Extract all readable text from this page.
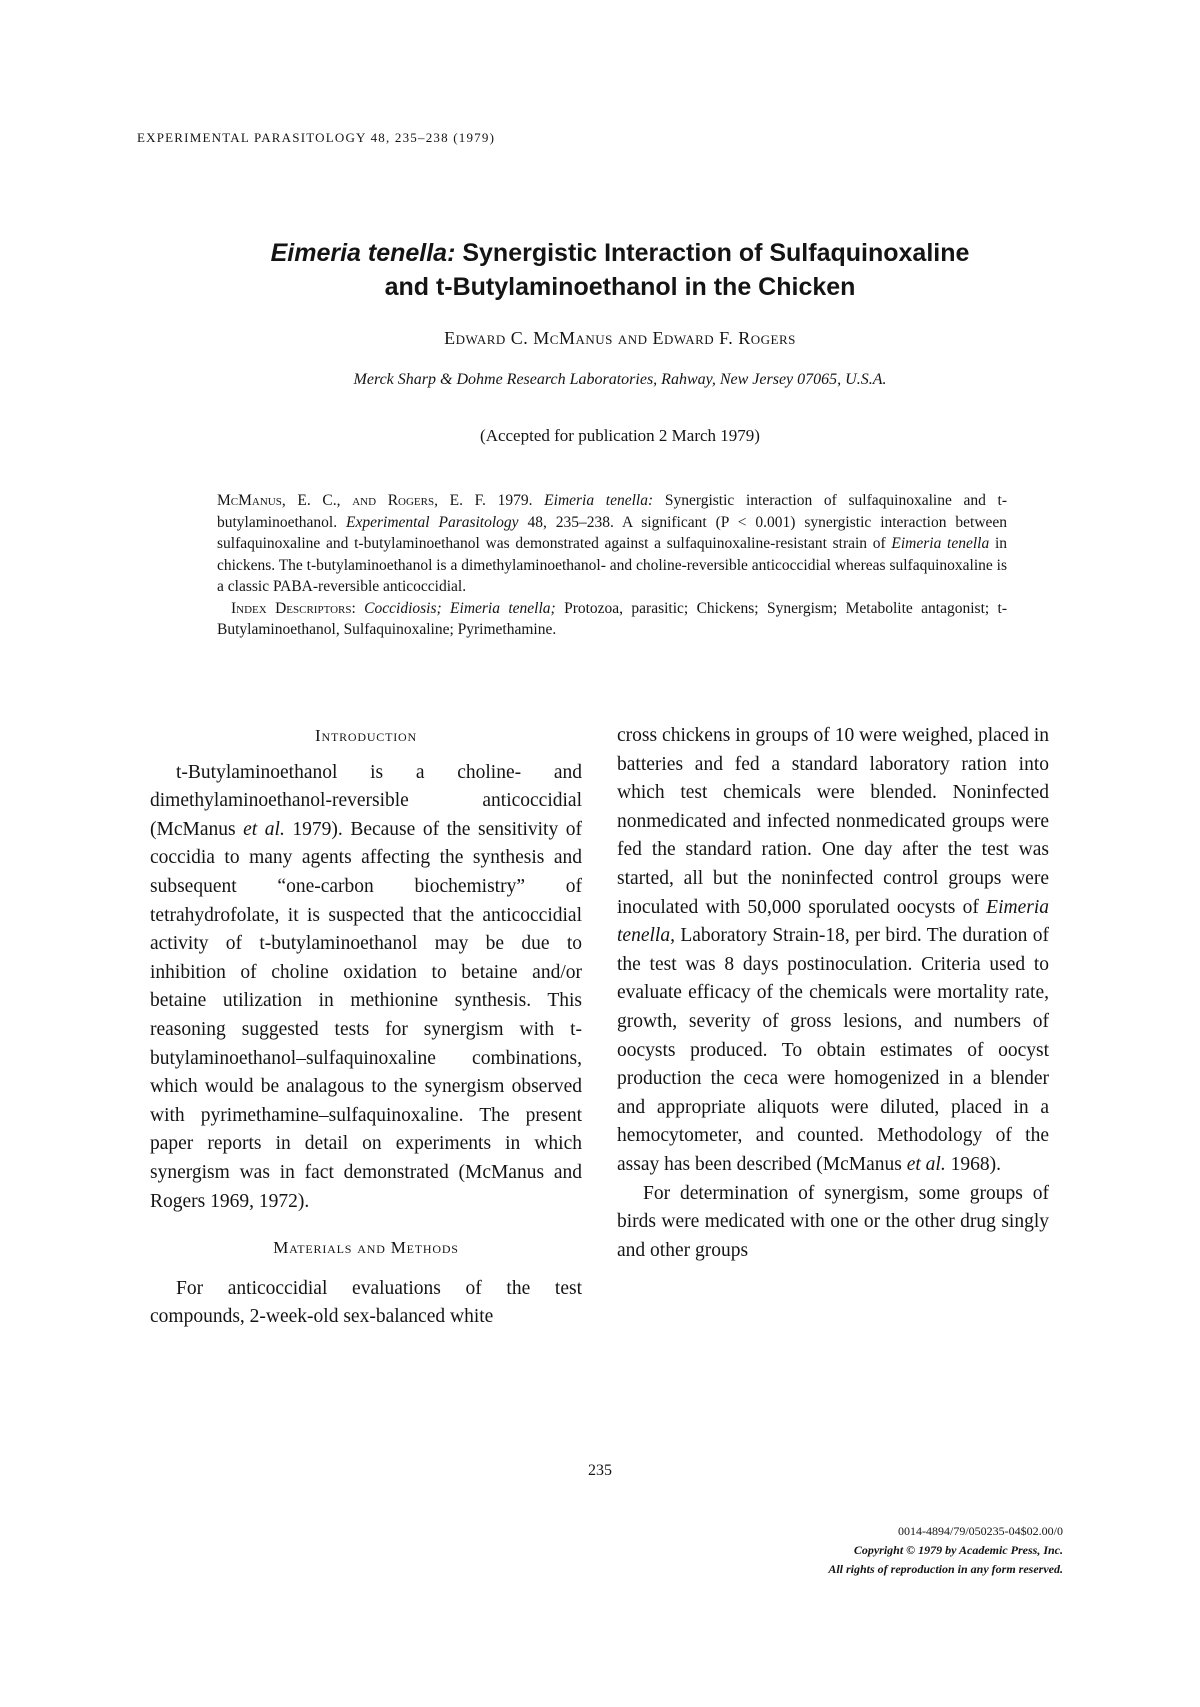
EXPERIMENTAL PARASITOLOGY 48, 235–238 (1979)
Eimeria tenella: Synergistic Interaction of Sulfaquinoxaline
and t-Butylaminoethanol in the Chicken
Edward C. McManus and Edward F. Rogers
Merck Sharp & Dohme Research Laboratories, Rahway, New Jersey 07065, U.S.A.
(Accepted for publication 2 March 1979)

McManus, E. C., and Rogers, E. F. 1979. Eimeria tenella: Synergistic interaction of sulfaquinoxaline and t-butylaminoethanol. Experimental Parasitology 48, 235–238. A significant (P < 0.001) synergistic interaction between sulfaquinoxaline and t-butylaminoethanol was demonstrated against a sulfaquinoxaline-resistant strain of Eimeria tenella in chickens. The t-butylaminoethanol is a dimethylaminoethanol- and choline-reversible anticoccidial whereas sulfaquinoxaline is a classic PABA-reversible anticoccidial.

Index Descriptors: Coccidiosis; Eimeria tenella; Protozoa, parasitic; Chickens; Synergism; Metabolite antagonist; t-Butylaminoethanol, Sulfaquinoxaline; Pyrimethamine.

Introduction

t-Butylaminoethanol is a choline- and dimethylaminoethanol-reversible anticoccidial (McManus et al. 1979). Because of the sensitivity of coccidia to many agents affecting the synthesis and subsequent “one-carbon biochemistry” of tetrahydrofolate, it is suspected that the anticoccidial activity of t-butylaminoethanol may be due to inhibition of choline oxidation to betaine and/or betaine utilization in methionine synthesis. This reasoning suggested tests for synergism with t-butylaminoethanol–sulfaquinoxaline combinations, which would be analagous to the synergism observed with pyrimethamine–sulfaquinoxaline. The present paper reports in detail on experiments in which synergism was in fact demonstrated (McManus and Rogers 1969, 1972).

Materials and Methods

For anticoccidial evaluations of the test compounds, 2-week-old sex-balanced white

cross chickens in groups of 10 were weighed, placed in batteries and fed a standard laboratory ration into which test chemicals were blended. Noninfected nonmedicated and infected nonmedicated groups were fed the standard ration. One day after the test was started, all but the noninfected control groups were inoculated with 50,000 sporulated oocysts of Eimeria tenella, Laboratory Strain-18, per bird. The duration of the test was 8 days postinoculation. Criteria used to evaluate efficacy of the chemicals were mortality rate, growth, severity of gross lesions, and numbers of oocysts produced. To obtain estimates of oocyst production the ceca were homogenized in a blender and appropriate aliquots were diluted, placed in a hemocytometer, and counted. Methodology of the assay has been described (McManus et al. 1968).

For determination of synergism, some groups of birds were medicated with one or the other drug singly and other groups

235
0014-4894/79/050235-04$02.00/0
Copyright © 1979 by Academic Press, Inc.
All rights of reproduction in any form reserved.
